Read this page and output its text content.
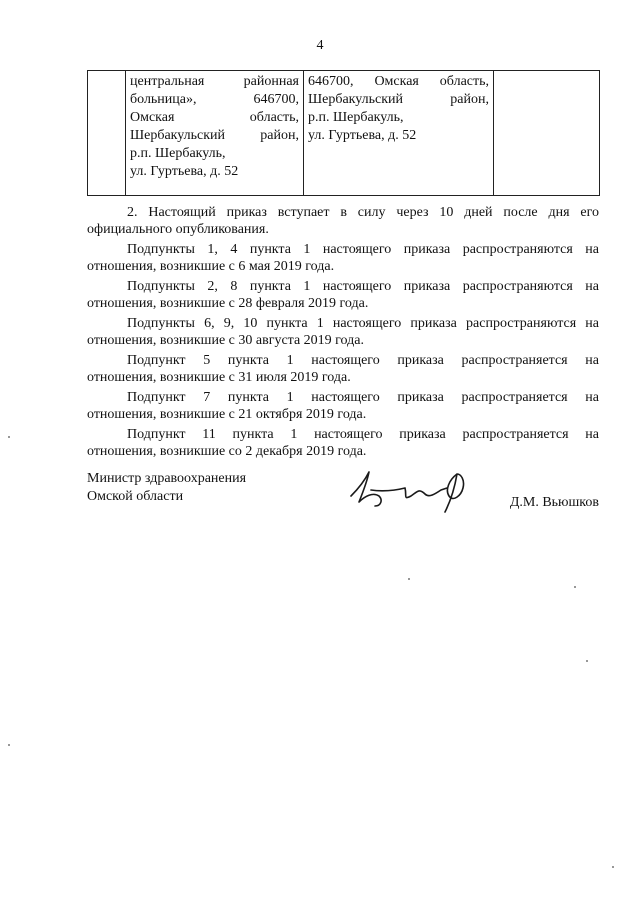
4

центральная районная
больница», 646700,
Омская область,
Шербакульский район,
р.п. Шербакуль,
ул. Гуртьева, д. 52

646700, Омская область,
Шербакульский район,
р.п. Шербакуль,
ул. Гуртьева, д. 52

2. Настоящий приказ вступает в силу через 10 дней после дня его
официального опубликования.

Подпункты 1, 4 пункта 1 настоящего приказа распространяются на
отношения, возникшие с 6 мая 2019 года.

Подпункты 2, 8 пункта 1 настоящего приказа распространяются на
отношения, возникшие с 28 февраля 2019 года.

Подпункты 6, 9, 10 пункта 1 настоящего приказа распространяются на
отношения, возникшие с 30 августа 2019 года.

Подпункт 5 пункта 1 настоящего приказа распространяется на
отношения, возникшие с 31 июля 2019 года.

Подпункт 7 пункта 1 настоящего приказа распространяется на
отношения, возникшие с 21 октября 2019 года.

Подпункт 11 пункта 1 настоящего приказа распространяется на
отношения, возникшие со 2 декабря 2019 года.

Министр здравоохранения
Омской области	Д.М. Вьюшков
